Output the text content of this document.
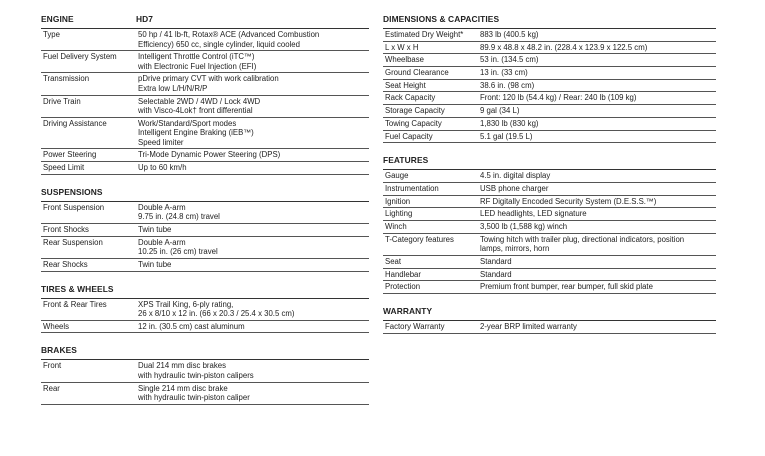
ENGINE	HD7
Type	50 hp / 41 lb-ft, Rotax® ACE (Advanced Combustion
Efficiency) 650 cc, single cylinder, liquid cooled
Fuel Delivery System	Intelligent Throttle Control (iTC™)
with Electronic Fuel Injection (EFI)
Transmission	pDrive primary CVT with work calibration
Extra low L/H/N/R/P
Drive Train	Selectable 2WD / 4WD / Lock 4WD
with Visco-4Lok† front differential
Driving Assistance	Work/Standard/Sport modes
Intelligent Engine Braking (iEB™)
Speed limiter
Power Steering	Tri-Mode Dynamic Power Steering (DPS)
Speed Limit	Up to 60 km/h
SUSPENSIONS
Front Suspension	Double A-arm
9.75 in. (24.8 cm) travel
Front Shocks	Twin tube
Rear Suspension	Double A-arm
10.25 in. (26 cm) travel
Rear Shocks	Twin tube
TIRES & WHEELS
Front & Rear Tires	XPS Trail King, 6-ply rating,
26 x 8/10 x 12 in. (66 x 20.3 / 25.4 x 30.5 cm)
Wheels	12 in. (30.5 cm) cast aluminum
BRAKES
Front	Dual 214 mm disc brakes
with hydraulic twin-piston calipers
Rear	Single 214 mm disc brake
with hydraulic twin-piston caliper
DIMENSIONS & CAPACITIES
Estimated Dry Weight*	883 lb (400.5 kg)
L x W x H	89.9 x 48.8 x 48.2 in. (228.4 x 123.9 x 122.5 cm)
Wheelbase	53 in. (134.5 cm)
Ground Clearance	13 in. (33 cm)
Seat Height	38.6 in. (98 cm)
Rack Capacity	Front: 120 lb (54.4 kg) / Rear: 240 lb (109 kg)
Storage Capacity	9 gal (34 L)
Towing Capacity	1,830 lb (830 kg)
Fuel Capacity	5.1 gal (19.5 L)
FEATURES
Gauge	4.5 in. digital display
Instrumentation	USB phone charger
Ignition	RF Digitally Encoded Security System (D.E.S.S.™)
Lighting	LED headlights, LED signature
Winch	3,500 lb (1,588 kg) winch
T-Category features	Towing hitch with trailer plug, directional indicators, position
lamps, mirrors, horn
Seat	Standard
Handlebar	Standard
Protection	Premium front bumper, rear bumper, full skid plate
WARRANTY
Factory Warranty	2-year BRP limited warranty
